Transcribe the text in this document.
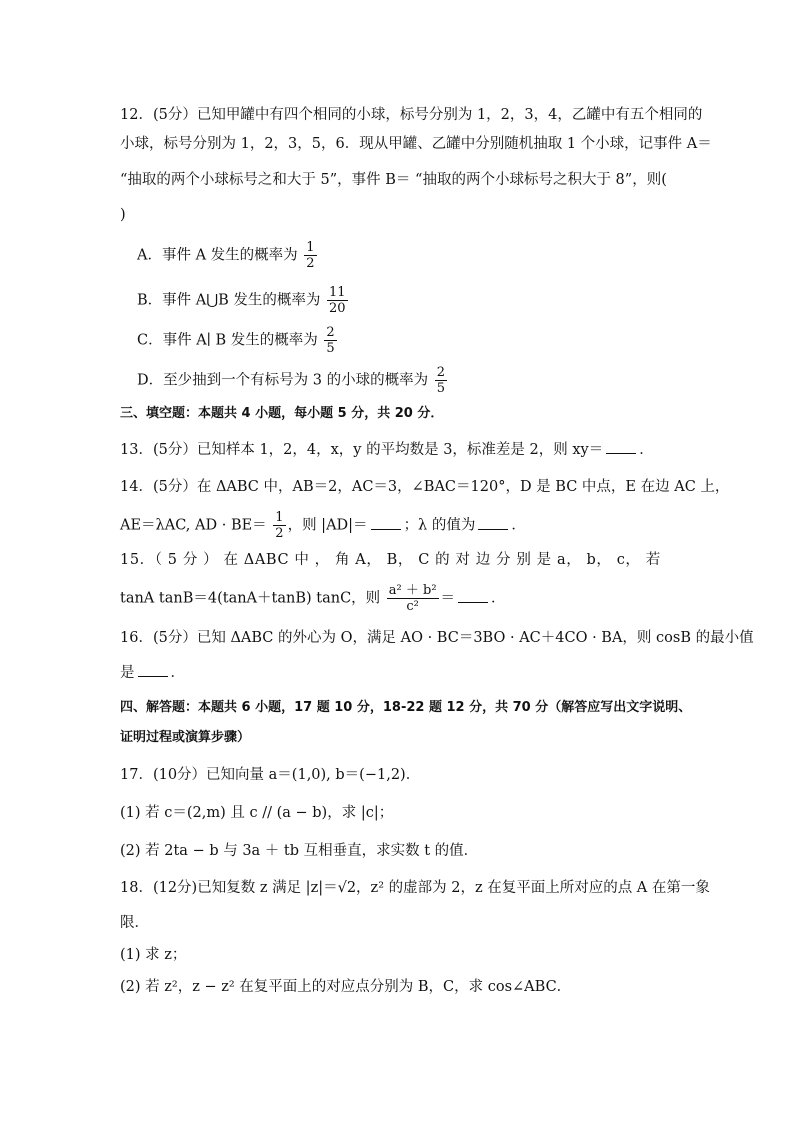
12．(5分）已知甲罐中有四个相同的小球，标号分别为 1，2，3，4，乙罐中有五个相同的
小球，标号分别为 1，2，3，5，6．现从甲罐、乙罐中分别随机抽取 1 个小球，记事件 A＝
“抽取的两个小球标号之和大于 5”，事件 B＝ “抽取的两个小球标号之积大于 8”，则(
)
A．事件 A 发生的概率为 $\frac{1}{2}$
B．事件 A⋃B 发生的概率为 $\frac{11}{20}$
C．事件 A∣ B 发生的概率为 $\frac{2}{5}$
D．至少抽到一个有标号为 3 的小球的概率为 $\frac{2}{5}$
三、填空题：本题共 4 小题，每小题 5 分，共 20 分．
13．(5分）已知样本 1，2，4，x，y 的平均数是 3，标准差是 2，则 xy＝ ．
14．(5分）在 ΔABC 中，AB＝2，AC＝3，∠BAC＝120°，D 是 BC 中点，E 在边 AC 上，
AE＝λAC, AD · $BE= \frac{1}{2}$ ，则 |AD|＝ ；λ 的值为 ．
15．（ 5 分 ） 在 ΔABC 中 ， 角 A， B， C 的 对 边 分 别 是 a， b， c， 若
tanA tanB＝4(tanA＋tanB) tanC，则 $\frac{\text{a² ＋ b²}}{\text{c²}}$ ＝ ．
16．(5分）已知 ΔABC 的外心为 O，满足 AO · BC＝3BO · AC＋4CO · BA，则 cosB 的最小值
是 ．
四、解答题：本题共 6 小题，17 题 10 分，18-22 题 12 分，共 70 分（解答应写出文字说明、
证明过程或演算步骤）
17．(10分）已知向量 a＝(1,0), b＝(−1,2)．
(1) 若 c＝(2,m) 且 c // (a − b)，求 |c|；
(2) 若 2ta − b 与 3a ＋ tb 互相垂直，求实数 t 的值．
18．(12分)已知复数 z 满足 |z|＝√2，z² 的虚部为 2，z 在复平面上所对应的点 A 在第一象
限．
(1) 求 z；
(2) 若 z²，z − z² 在复平面上的对应点分别为 B，C，求 cos∠ABC．
